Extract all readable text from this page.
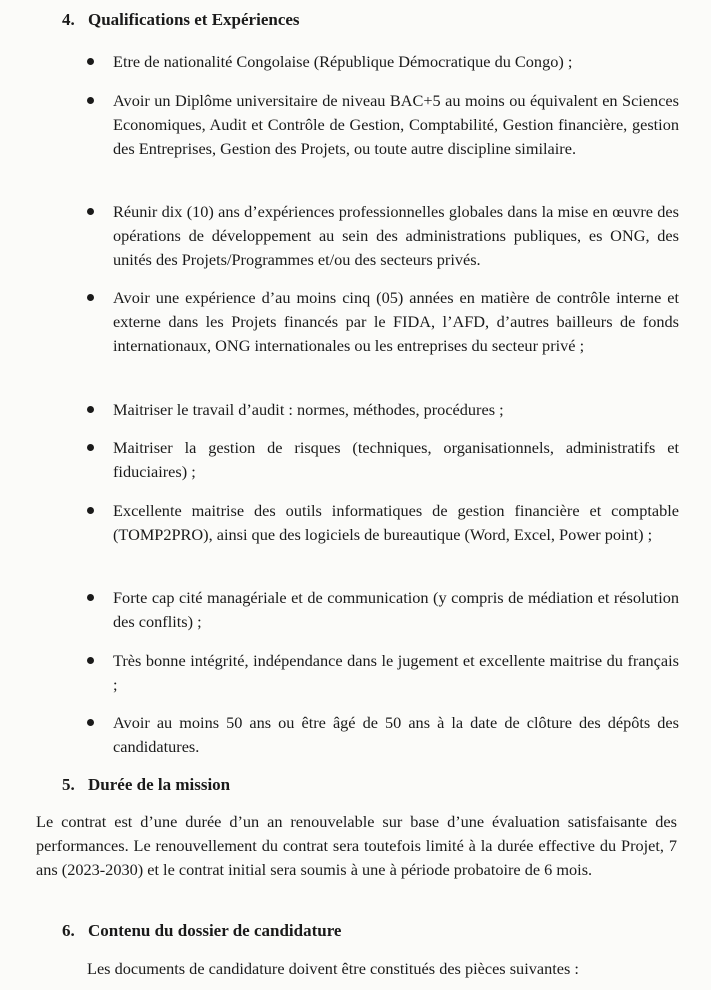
4. Qualifications et Expériences
Etre de nationalité Congolaise (République Démocratique du Congo) ;
Avoir un Diplôme universitaire de niveau BAC+5 au moins ou équivalent en Sciences Economiques, Audit et Contrôle de Gestion, Comptabilité, Gestion financière, gestion des Entreprises, Gestion des Projets, ou toute autre discipline similaire.
Réunir dix (10) ans d’expériences professionnelles globales dans la mise en œuvre des opérations de développement au sein des administrations publiques, es ONG, des unités des Projets/Programmes et/ou des secteurs privés.
Avoir une expérience d’au moins cinq (05) années en matière de contrôle interne et externe dans les Projets financés par le FIDA, l’AFD, d’autres bailleurs de fonds internationaux, ONG internationales ou les entreprises du secteur privé ;
Maitriser le travail d’audit : normes, méthodes, procédures ;
Maitriser la gestion de risques (techniques, organisationnels, administratifs et fiduciaires) ;
Excellente maitrise des outils informatiques de gestion financière et comptable (TOMP2PRO), ainsi que des logiciels de bureautique (Word, Excel, Power point) ;
Forte cap cité managériale et de communication (y compris de médiation et résolution des conflits) ;
Très bonne intégrité, indépendance dans le jugement et excellente maitrise du français ;
Avoir au moins 50 ans ou être âgé de 50 ans à la date de clôture des dépôts des candidatures.
5. Durée de la mission
Le contrat est d’une durée d’un an renouvelable sur base d’une évaluation satisfaisante des performances. Le renouvellement du contrat sera toutefois limité à la durée effective du Projet, 7 ans (2023-2030) et le contrat initial sera soumis à une à période probatoire de 6 mois.
6. Contenu du dossier de candidature
Les documents de candidature doivent être constitués des pièces suivantes :
